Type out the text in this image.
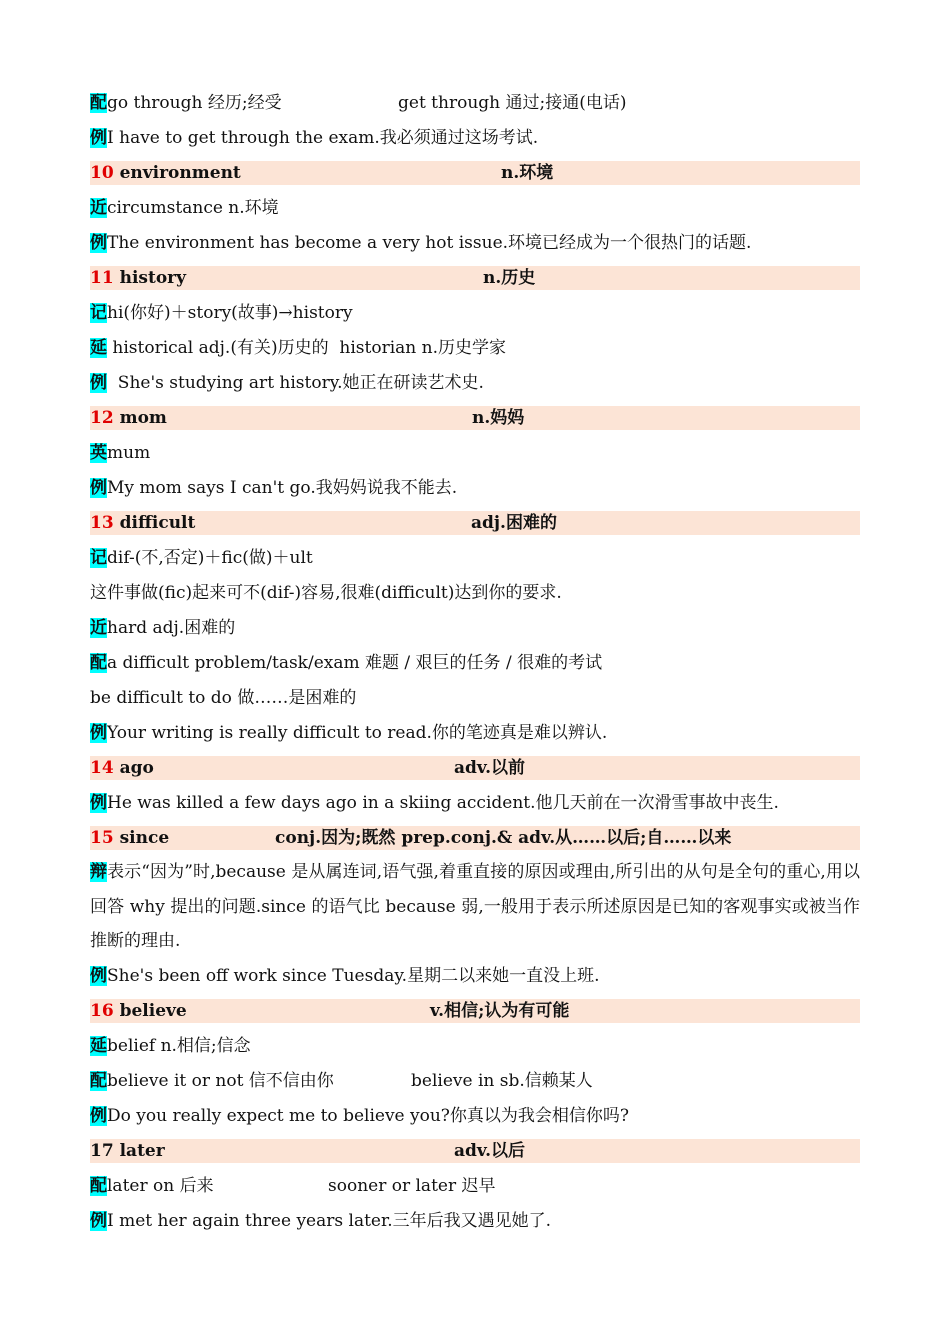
配go through 经历;经受	get through 通过;接通(电话)
例I have to get through the exam.我必须通过这场考试.
10 environment	n.环境
近circumstance n.环境
例The environment has become a very hot issue.环境已经成为一个很热门的话题.
11 history	n.历史
记hi(你好)＋story(故事)→history
延 historical adj.(有关)历史的  historian n.历史学家
例  She's studying art history.她正在研读艺术史.
12 mom	n.妈妈
英mum
例My mom says I can't go.我妈妈说我不能去.
13 difficult	adj.困难的
记dif-(不,否定)＋fic(做)＋ult
这件事做(fic)起来可不(dif-)容易,很难(difficult)达到你的要求.
近hard adj.困难的
配a difficult problem/task/exam 难题 / 艰巨的任务 / 很难的考试
be difficult to do 做……是困难的
例Your writing is really difficult to read.你的笔迹真是难以辨认.
14 ago	adv.以前
例He was killed a few days ago in a skiing accident.他几天前在一次滑雪事故中丧生.
15 since	conj.因为;既然 prep.conj.& adv.从……以后;自……以来
辩表示“因为”时,because 是从属连词,语气强,着重直接的原因或理由,所引出的从句是全句的重心,用以回答 why 提出的问题.since 的语气比 because 弱,一般用于表示所述原因是已知的客观事实或被当作推断的理由.
例She's been off work since Tuesday.星期二以来她一直没上班.
16 believe	v.相信;认为有可能
延belief n.相信;信念
配believe it or not 信不信由你	believe in sb.信赖某人
例Do you really expect me to believe you?你真以为我会相信你吗?
17 later	adv.以后
配later on 后来	sooner or later 迟早
例I met her again three years later.三年后我又遇见她了.
